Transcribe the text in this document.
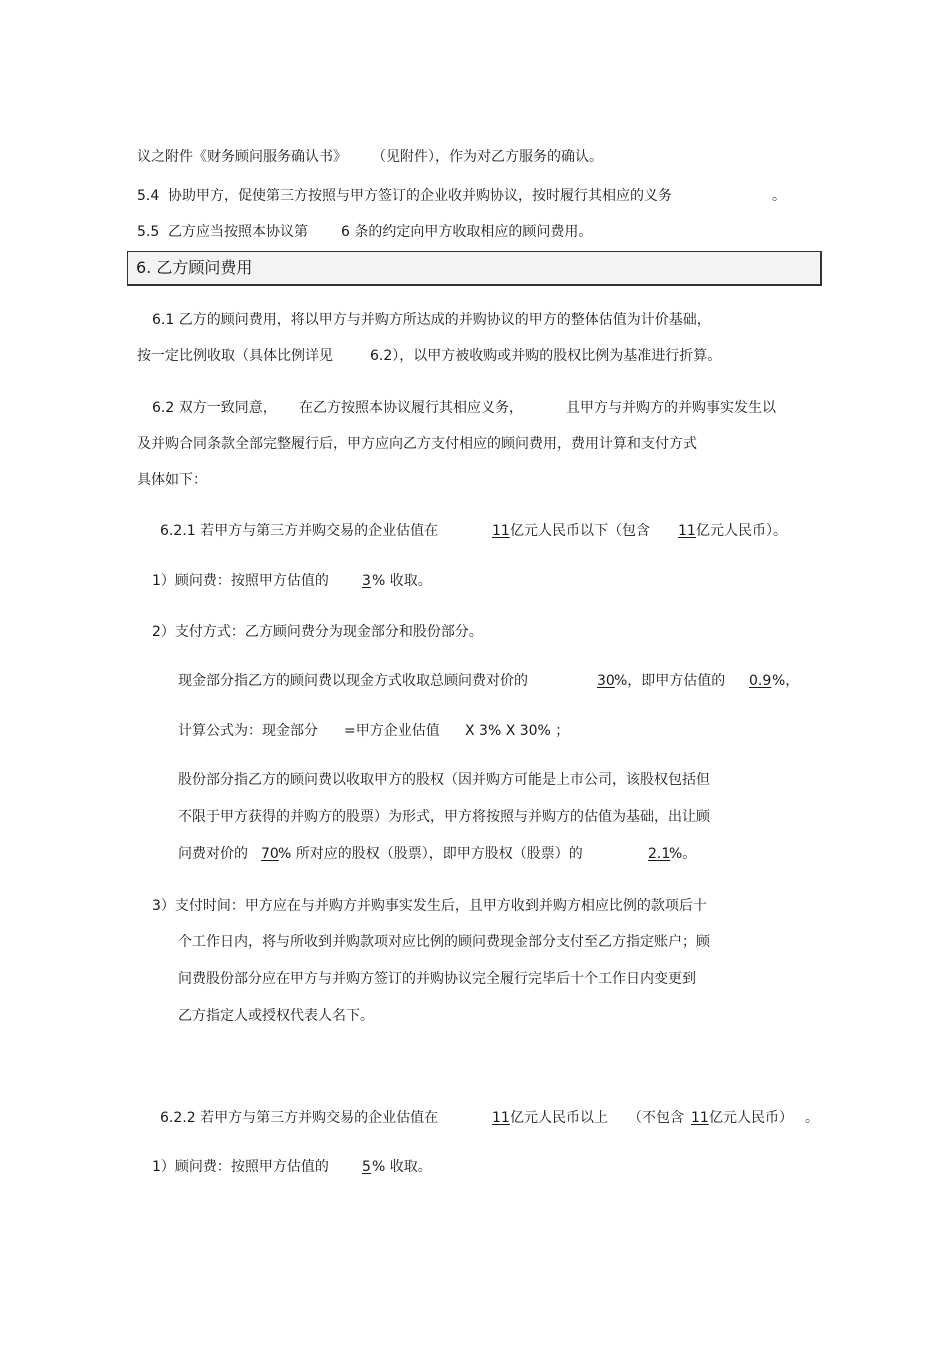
议之附件《财务顾问服务确认书》 （见附件），作为对乙方服务的确认。
5.4 协助甲方，促使第三方按照与甲方签订的企业收并购协议，按时履行其相应的义务	。
5.5 乙方应当按照本协议第 6 条的约定向甲方收取相应的顾问费用。
6. 乙方顾问费用
6.1 乙方的顾问费用，将以甲方与并购方所达成的并购协议的甲方的整体估值为计价基础，
按一定比例收取（具体比例详见	6.2），以甲方被收购或并购的股权比例为基准进行折算。
6.2 双方一致同意， 在乙方按照本协议履行其相应义务，	且甲方与并购方的并购事实发生以
及并购合同条款全部完整履行后，甲方应向乙方支付相应的顾问费用，费用计算和支付方式
具体如下：
6.2.1 若甲方与第三方并购交易的企业估值在	11 亿元人民币以下（包含 11 亿元人民币）。
1）顾问费：按照甲方估值的 3 % 收取。
2）支付方式：乙方顾问费分为现金部分和股份部分。
现金部分指乙方的顾问费以现金方式收取总顾问费对价的	30 %，即甲方估值的 0.9 %，
计算公式为：现金部分 =甲方企业估值 X 3% X 30% ；
股份部分指乙方的顾问费以收取甲方的股权（因并购方可能是上市公司，该股权包括但
不限于甲方获得的并购方的股票）为形式，甲方将按照与并购方的估值为基础，出让顾
问费对价的 70 % 所对应的股权（股票），即甲方股权（股票）的	2.1
%。
3）支付时间：甲方应在与并购方并购事实发生后，且甲方收到并购方相应比例的款项后十
个工作日内，将与所收到并购款项对应比例的顾问费现金部分支付至乙方指定账户；顾
问费股份部分应在甲方与并购方签订的并购协议完全履行完毕后十个工作日内变更到
乙方指定人或授权代表人名下。
6.2.2 若甲方与第三方并购交易的企业估值在	11 亿元人民币以上 （不包含 11 亿元人民币） 。
1）顾问费：按照甲方估值的 5 % 收取。
